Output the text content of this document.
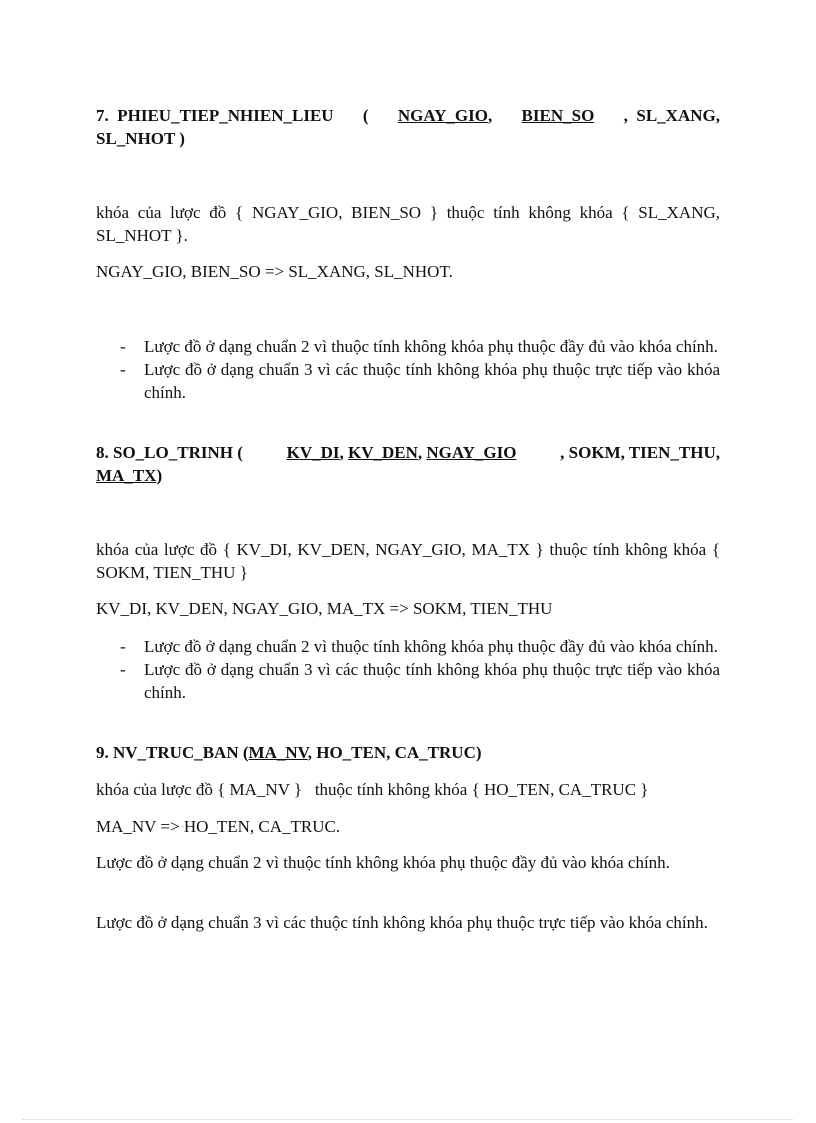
7. PHIEU_TIEP_NHIEN_LIEU ( NGAY_GIO, BIEN_SO ,  SL_XANG,
SL_NHOT )
khóa của lược đồ { NGAY_GIO, BIEN_SO } thuộc tính không khóa { SL_XANG, SL_NHOT }.
NGAY_GIO, BIEN_SO => SL_XANG, SL_NHOT.
- Lược đồ ở dạng chuẩn 2 vì thuộc tính không khóa phụ thuộc đầy đủ vào khóa chính.
- Lược đồ ở dạng chuẩn 3 vì các thuộc tính không khóa phụ thuộc trực tiếp vào khóa chính.
8. SO_LO_TRINH (	KV_DI, KV_DEN, NGAY_GIO	, SOKM, TIEN_THU,
MA_TX)
khóa của lược đồ { KV_DI, KV_DEN, NGAY_GIO, MA_TX } thuộc tính không khóa { SOKM, TIEN_THU }
KV_DI, KV_DEN, NGAY_GIO, MA_TX => SOKM, TIEN_THU
- Lược đồ ở dạng chuẩn 2 vì thuộc tính không khóa phụ thuộc đầy đủ vào khóa chính.
- Lược đồ ở dạng chuẩn 3 vì các thuộc tính không khóa phụ thuộc trực tiếp vào khóa chính.
9. NV_TRUC_BAN (MA_NV, HO_TEN, CA_TRUC)
khóa của lược đồ { MA_NV }   thuộc tính không khóa { HO_TEN, CA_TRUC }
MA_NV => HO_TEN, CA_TRUC.
Lược đồ ở dạng chuẩn 2 vì thuộc tính không khóa phụ thuộc đầy đủ vào khóa chính.
Lược đồ ở dạng chuẩn 3 vì các thuộc tính không khóa phụ thuộc trực tiếp vào khóa chính.
